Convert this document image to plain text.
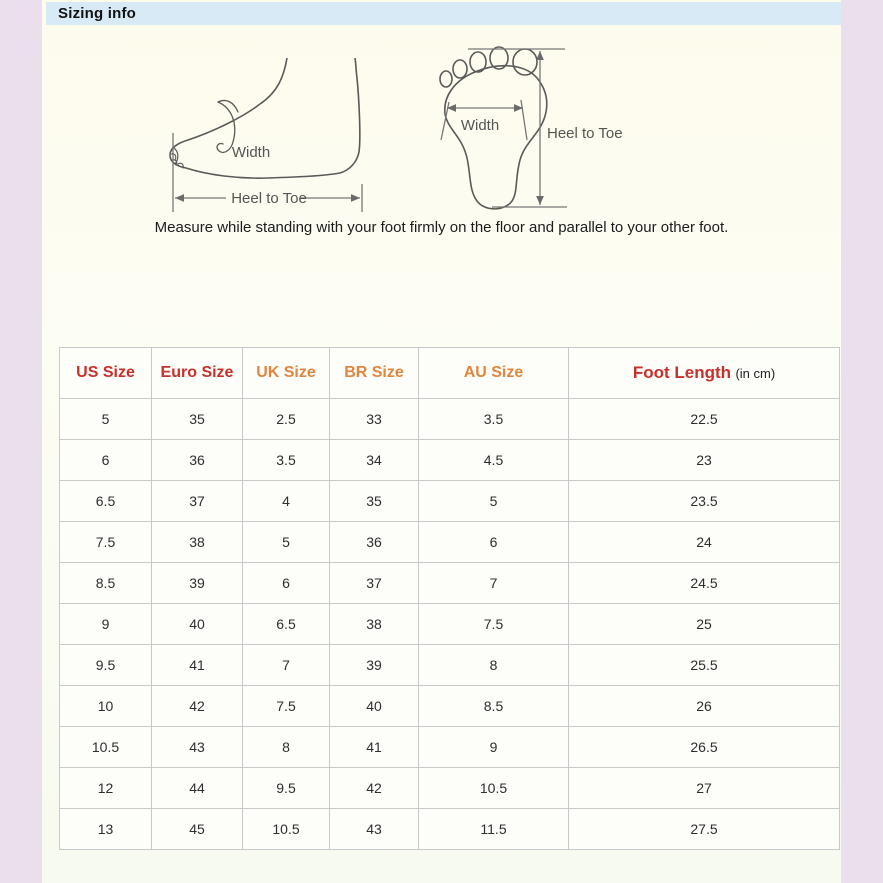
Sizing info
Width
Heel to Toe
Width	Heel to Toe
Measure while standing with your foot firmly on the floor and parallel to your other foot.
US Size	Euro Size	UK Size	BR Size	AU Size	Foot Length (in cm)
5	35	2.5	33	3.5	22.5
6	36	3.5	34	4.5	23
6.5	37	4	35	5	23.5
7.5	38	5	36	6	24
8.5	39	6	37	7	24.5
9	40	6.5	38	7.5	25
9.5	41	7	39	8	25.5
10	42	7.5	40	8.5	26
10.5	43	8	41	9	26.5
12	44	9.5	42	10.5	27
13	45	10.5	43	11.5	27.5
